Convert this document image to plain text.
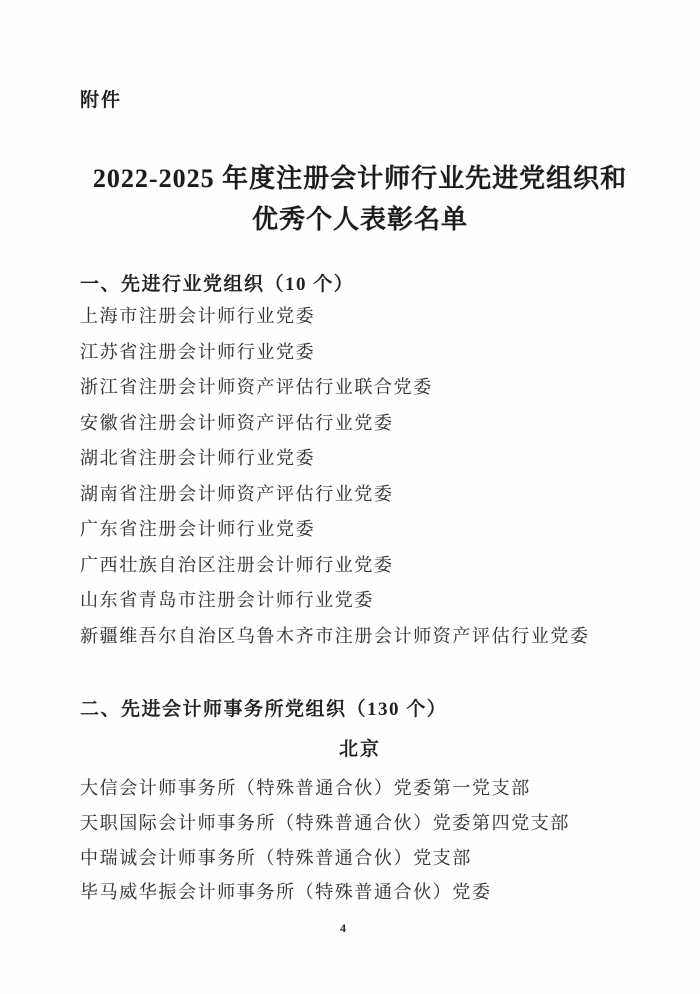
附件
2022-2025 年度注册会计师行业先进党组织和
优秀个人表彰名单
一、先进行业党组织（10 个）
上海市注册会计师行业党委
江苏省注册会计师行业党委
浙江省注册会计师资产评估行业联合党委
安徽省注册会计师资产评估行业党委
湖北省注册会计师行业党委
湖南省注册会计师资产评估行业党委
广东省注册会计师行业党委
广西壮族自治区注册会计师行业党委
山东省青岛市注册会计师行业党委
新疆维吾尔自治区乌鲁木齐市注册会计师资产评估行业党委
二、先进会计师事务所党组织（130 个）
北京
大信会计师事务所（特殊普通合伙）党委第一党支部
天职国际会计师事务所（特殊普通合伙）党委第四党支部
中瑞诚会计师事务所（特殊普通合伙）党支部
毕马威华振会计师事务所（特殊普通合伙）党委
4
